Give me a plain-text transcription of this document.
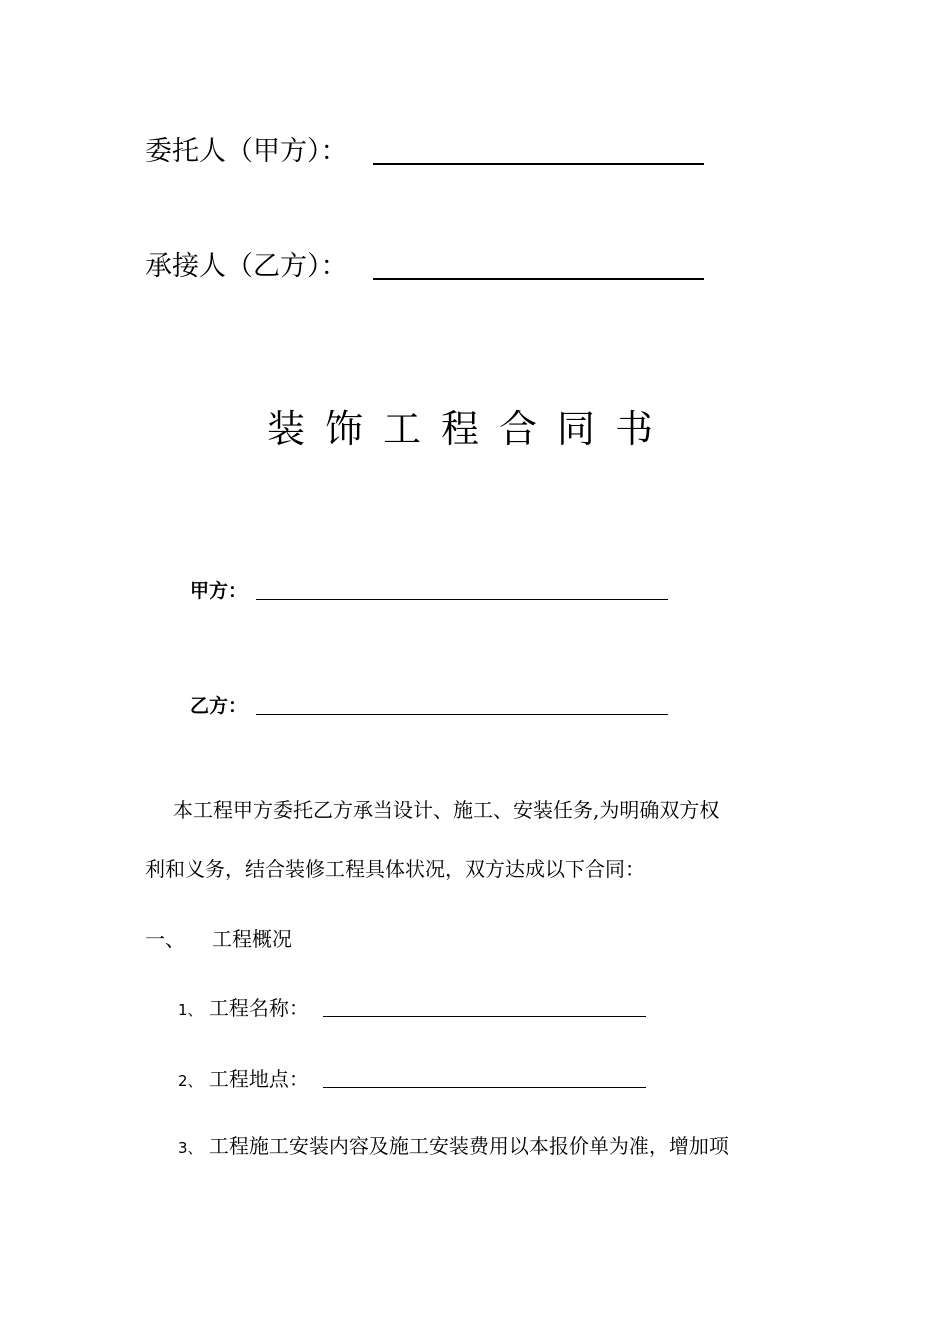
委托人（甲方）：
承接人（乙方）：
装饰工程合同书
甲方：
乙方：
本工程甲方委托乙方承当设计、施工、安装任务,为明确双方权
利和义务，结合装修工程具体状况，双方达成以下合同：
一、 工程概况
1、 工程名称：
2、 工程地点：
3、 工程施工安装内容及施工安装费用以本报价单为准，增加项
